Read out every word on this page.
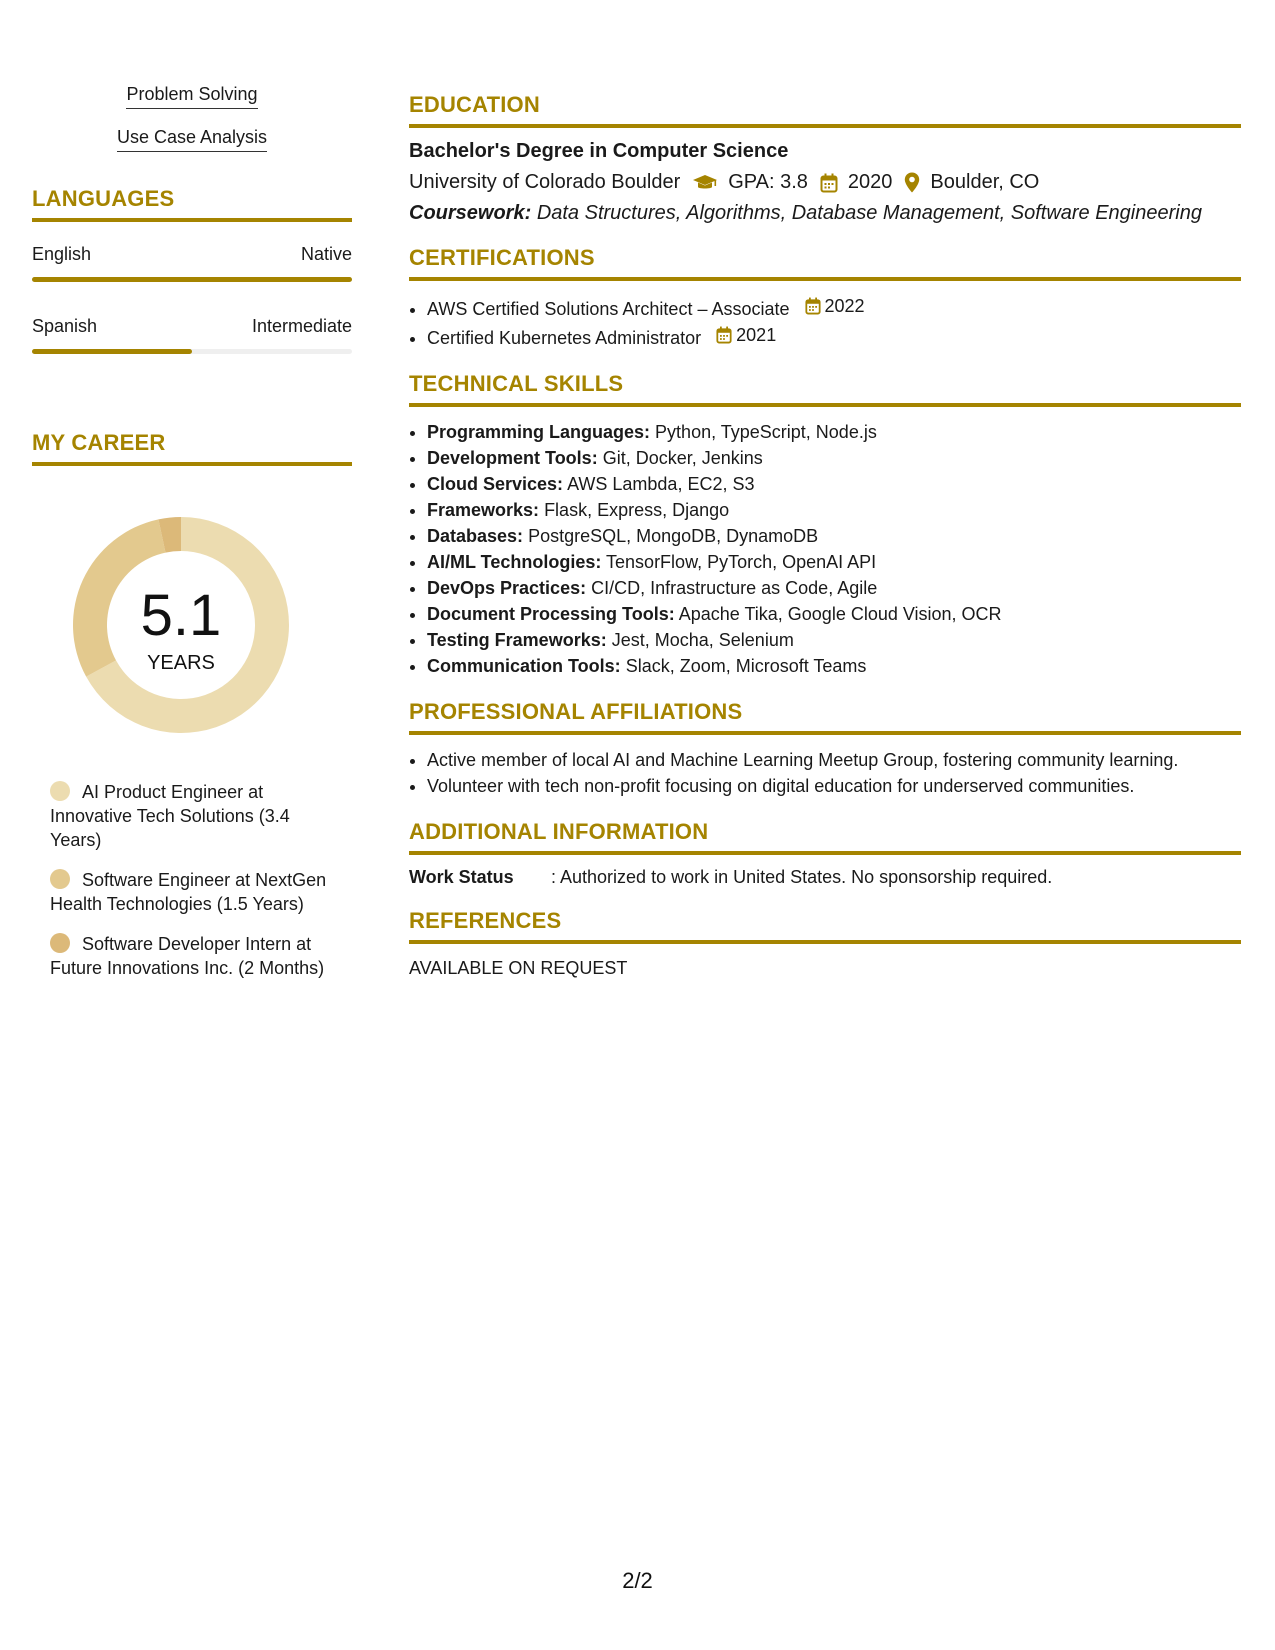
Problem Solving
Use Case Analysis
LANGUAGES
English	Native
Spanish	Intermediate
MY CAREER
5.1
YEARS
AI Product Engineer at Innovative Tech Solutions (3.4 Years)
Software Engineer at NextGen Health Technologies (1.5 Years)
Software Developer Intern at Future Innovations Inc. (2 Months)
EDUCATION
Bachelor's Degree in Computer Science
University of Colorado Boulder GPA: 3.8 2020 Boulder, CO
Coursework: Data Structures, Algorithms, Database Management, Software Engineering
CERTIFICATIONS
• AWS Certified Solutions Architect – Associate 2022
• Certified Kubernetes Administrator 2021
TECHNICAL SKILLS
• Programming Languages: Python, TypeScript, Node.js
• Development Tools: Git, Docker, Jenkins
• Cloud Services: AWS Lambda, EC2, S3
• Frameworks: Flask, Express, Django
• Databases: PostgreSQL, MongoDB, DynamoDB
• AI/ML Technologies: TensorFlow, PyTorch, OpenAI API
• DevOps Practices: CI/CD, Infrastructure as Code, Agile
• Document Processing Tools: Apache Tika, Google Cloud Vision, OCR
• Testing Frameworks: Jest, Mocha, Selenium
• Communication Tools: Slack, Zoom, Microsoft Teams
PROFESSIONAL AFFILIATIONS
• Active member of local AI and Machine Learning Meetup Group, fostering community learning.
• Volunteer with tech non-profit focusing on digital education for underserved communities.
ADDITIONAL INFORMATION
Work Status	: Authorized to work in United States. No sponsorship required.
REFERENCES
AVAILABLE ON REQUEST
2/2
